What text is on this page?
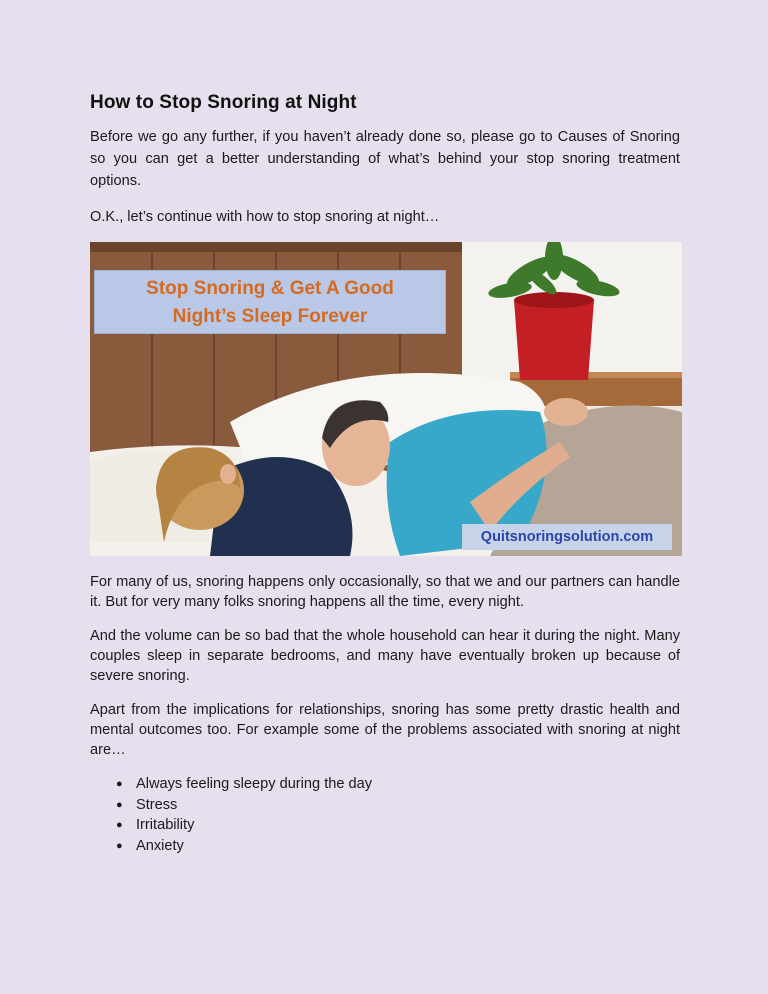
How to Stop Snoring at Night

Before we go any further, if you haven’t already done so, please go to Causes of Snoring so you can get a better understanding of what’s behind your stop snoring treatment options.

O.K., let’s continue with how to stop snoring at night…

Stop Snoring & Get A Good
Night’s Sleep Forever
Quitsnoringsolution.com

For many of us, snoring happens only occasionally, so that we and our partners can handle it. But for very many folks snoring happens all the time, every night.

And the volume can be so bad that the whole household can hear it during the night. Many couples sleep in separate bedrooms, and many have eventually broken up because of severe snoring.

Apart from the implications for relationships, snoring has some pretty drastic health and mental outcomes too. For example some of the problems associated with snoring at night are…

● Always feeling sleepy during the day
● Stress
● Irritability
● Anxiety
